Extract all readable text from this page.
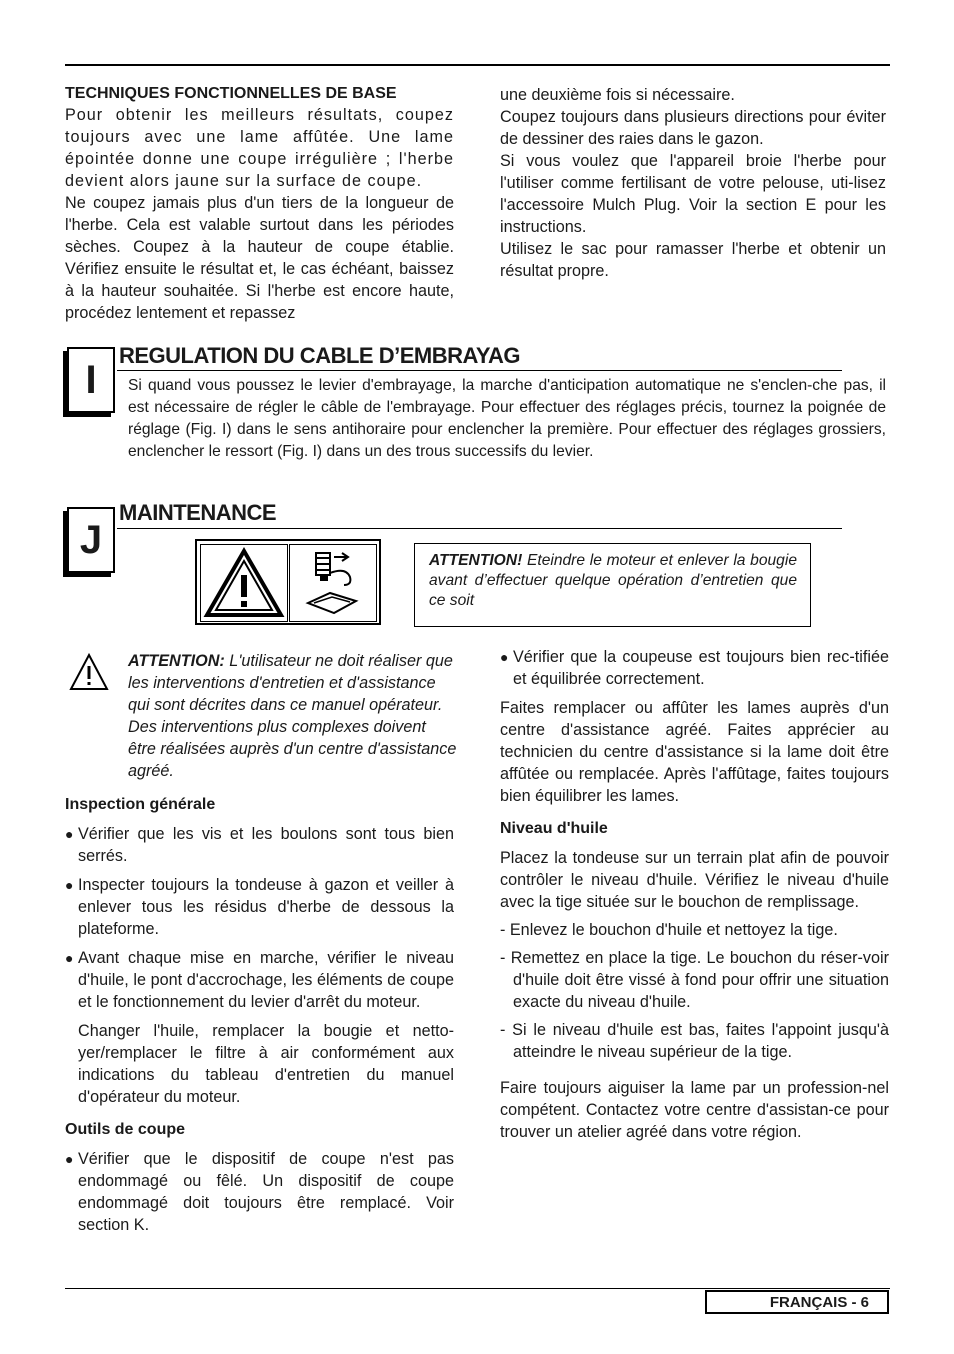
TECHNIQUES FONCTIONNELLES DE BASE

Pour obtenir les meilleurs résultats, coupez toujours avec une lame affûtée. Une lame épointée donne une coupe irrégulière ; l'herbe devient alors jaune sur la surface de coupe.

Ne coupez jamais plus d'un tiers de la longueur de l'herbe. Cela est valable surtout dans les périodes sèches. Coupez à la hauteur de coupe établie. Vérifiez ensuite le résultat et, le cas échéant, baissez à la hauteur souhaitée. Si l'herbe est encore haute, procédez lentement et repassez

une deuxième fois si nécessaire.

Coupez toujours dans plusieurs directions pour éviter de dessiner des raies dans le gazon.

Si vous voulez que l'appareil broie l'herbe pour l'utiliser comme fertilisant de votre pelouse, uti-lisez l'accessoire Mulch Plug. Voir la section E pour les instructions.

Utilisez le sac pour ramasser l'herbe et obtenir un résultat propre.

I
REGULATION DU CABLE D’EMBRAYAG

Si quand vous poussez le levier d'embrayage, la marche d'anticipation automatique ne s'enclen-che pas, il est nécessaire de régler le câble de l'embrayage. Pour effectuer des réglages précis, tournez la poignée de réglage (Fig. I) dans le sens antihoraire pour enclencher la première. Pour effectuer des réglages grossiers, enclencher le ressort (Fig. I) dans un des trous successifs du levier.

J
MAINTENANCE

ATTENTION! Eteindre le moteur et enlever la bougie avant d’effectuer quelque opération d’entretien que ce soit

ATTENTION: L'utilisateur ne doit réaliser que les interventions d'entretien et d'assistance qui sont décrites dans ce manuel opérateur. Des interventions plus complexes doivent être réalisées auprès d'un centre d'assistance agréé.

Inspection générale

● Vérifier que les vis et les boulons sont tous bien serrés.

● Inspecter toujours la tondeuse à gazon et veiller à enlever tous les résidus d'herbe de dessous la plateforme.

● Avant chaque mise en marche, vérifier le niveau d'huile, le pont d'accrochage, les éléments de coupe et le fonctionnement du levier d'arrêt du moteur.

Changer l'huile, remplacer la bougie et netto-yer/remplacer le filtre à air conformément aux indications du tableau d'entretien du manuel d'opérateur du moteur.

Outils de coupe

● Vérifier que le dispositif de coupe n'est pas endommagé ou fêlé. Un dispositif de coupe endommagé doit toujours être remplacé. Voir section K.

● Vérifier que la coupeuse est toujours bien rec-tifiée et équilibrée correctement.

Faites remplacer ou affûter les lames auprès d'un centre d'assistance agréé. Faites apprécier au technicien du centre d'assistance si la lame doit être affûtée ou remplacée. Après l'affûtage, faites toujours bien équilibrer les lames.

Niveau d'huile

Placez la tondeuse sur un terrain plat afin de pouvoir contrôler le niveau d'huile. Vérifiez le niveau d'huile avec la tige située sur le bouchon de remplissage.

- Enlevez le bouchon d'huile et nettoyez la tige.

- Remettez en place la tige. Le bouchon du réser-voir d'huile doit être vissé à fond pour offrir une situation exacte du niveau d'huile.

- Si le niveau d'huile est bas, faites l'appoint jusqu'à atteindre le niveau supérieur de la tige.

Faire toujours aiguiser la lame par un profession-nel compétent. Contactez votre centre d'assistan-ce pour trouver un atelier agréé dans votre région.

FRANÇAIS - 6
